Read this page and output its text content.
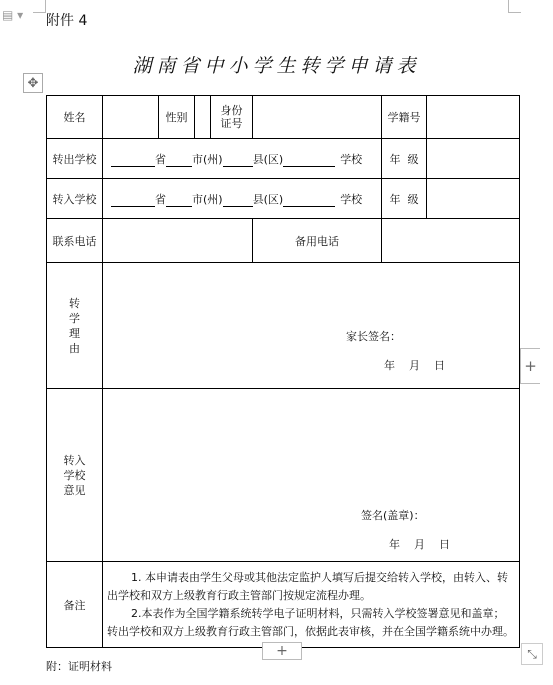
▤ ▾ 附件 4
湖南省中小学生转学申请表
✥
姓名		性别		身份证号		学籍号	
转出学校	省 市(州) 县(区) 学校					年  级	
转入学校	省 市(州) 县(区) 学校					年  级	
联系电话					备用电话		
转学理由	家长签名：
年    月    日						

转入学校意见	签名(盖章)：
年    月    日						

备注	1. 本申请表由学生父母或其他法定监护人填写后提交给转入学校，由转入、转出学校和双方上级教育行政主管部门按规定流程办理。
2.本表作为全国学籍系统转学电子证明材料，只需转入学校签署意见和盖章；转出学校和双方上级教育行政主管部门，依据此表审核，并在全国学籍系统中办理。						
+
+	⤡
附：证明材料
